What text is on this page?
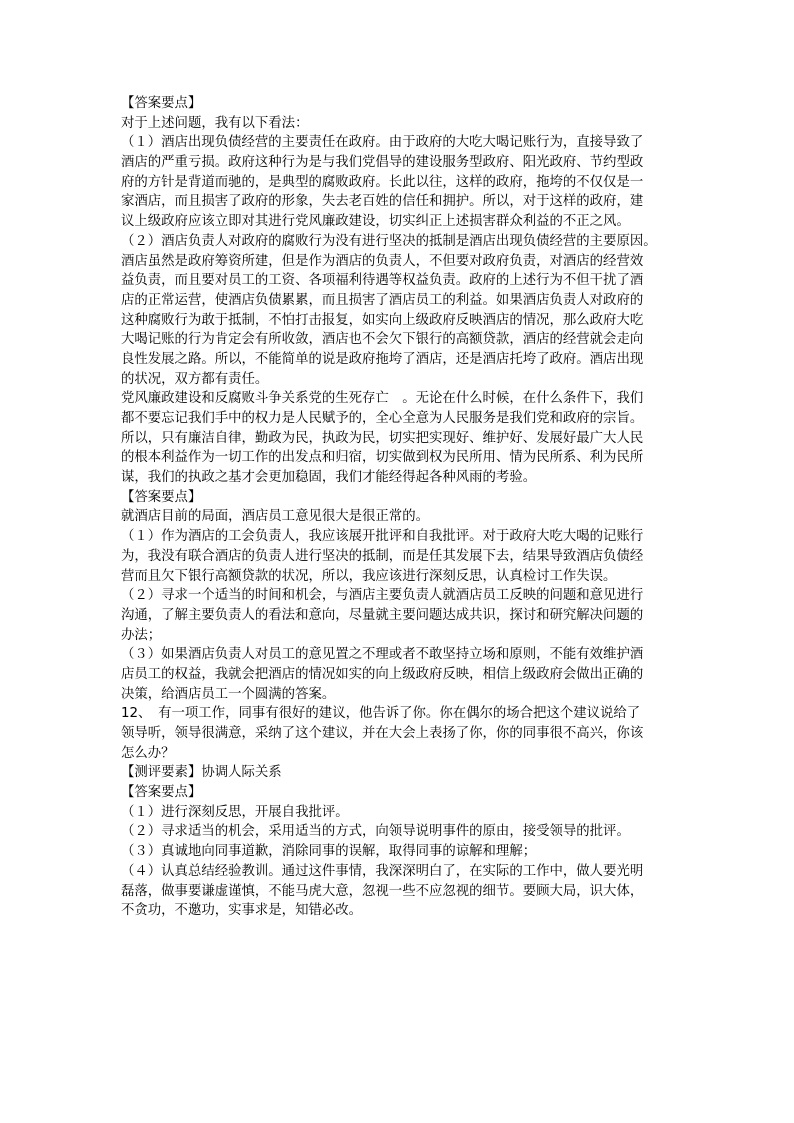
【答案要点】
对于上述问题，我有以下看法：
（１）酒店出现负债经营的主要责任在政府。由于政府的大吃大喝记账行为，直接导致了
酒店的严重亏损。政府这种行为是与我们党倡导的建设服务型政府、阳光政府、节约型政
府的方针是背道而驰的，是典型的腐败政府。长此以往，这样的政府，拖垮的不仅仅是一
家酒店，而且损害了政府的形象，失去老百姓的信任和拥护。所以，对于这样的政府，建
议上级政府应该立即对其进行党风廉政建设，切实纠正上述损害群众利益的不正之风。
（２）酒店负责人对政府的腐败行为没有进行坚决的抵制是酒店出现负债经营的主要原因。
酒店虽然是政府筹资所建，但是作为酒店的负责人，不但要对政府负责，对酒店的经营效
益负责，而且要对员工的工资、各项福利待遇等权益负责。政府的上述行为不但干扰了酒
店的正常运营，使酒店负债累累，而且损害了酒店员工的利益。如果酒店负责人对政府的
这种腐败行为敢于抵制，不怕打击报复，如实向上级政府反映酒店的情况，那么政府大吃
大喝记账的行为肯定会有所收敛，酒店也不会欠下银行的高额贷款，酒店的经营就会走向
良性发展之路。所以，不能简单的说是政府拖垮了酒店，还是酒店托垮了政府。酒店出现
的状况，双方都有责任。
党风廉政建设和反腐败斗争关系党的生死存亡　。无论在什么时候，在什么条件下，我们
都不要忘记我们手中的权力是人民赋予的，全心全意为人民服务是我们党和政府的宗旨。
所以，只有廉洁自律，勤政为民，执政为民，切实把实现好、维护好、发展好最广大人民
的根本利益作为一切工作的出发点和归宿，切实做到权为民所用、情为民所系、利为民所
谋，我们的执政之基才会更加稳固，我们才能经得起各种风雨的考验。
【答案要点】
就酒店目前的局面，酒店员工意见很大是很正常的。
（１）作为酒店的工会负责人，我应该展开批评和自我批评。对于政府大吃大喝的记账行
为，我没有联合酒店的负责人进行坚决的抵制，而是任其发展下去，结果导致酒店负债经
营而且欠下银行高额贷款的状况，所以，我应该进行深刻反思，认真检讨工作失误。
（２）寻求一个适当的时间和机会，与酒店主要负责人就酒店员工反映的问题和意见进行
沟通，了解主要负责人的看法和意向，尽量就主要问题达成共识，探讨和研究解决问题的
办法；
（３）如果酒店负责人对员工的意见置之不理或者不敢坚持立场和原则，不能有效维护酒
店员工的权益，我就会把酒店的情况如实的向上级政府反映，相信上级政府会做出正确的
决策，给酒店员工一个圆满的答案。
12、　有一项工作，同事有很好的建议，他告诉了你。你在偶尔的场合把这个建议说给了
领导听，领导很满意，采纳了这个建议，并在大会上表扬了你，你的同事很不高兴，你该
怎么办？
【测评要素】协调人际关系
【答案要点】
（１）进行深刻反思，开展自我批评。
（２）寻求适当的机会，采用适当的方式，向领导说明事件的原由，接受领导的批评。
（３）真诚地向同事道歉，消除同事的误解，取得同事的谅解和理解；
（４）认真总结经验教训。通过这件事情，我深深明白了，在实际的工作中，做人要光明
磊落，做事要谦虚谨慎，不能马虎大意，忽视一些不应忽视的细节。要顾大局，识大体，
不贪功，不邀功，实事求是，知错必改。
